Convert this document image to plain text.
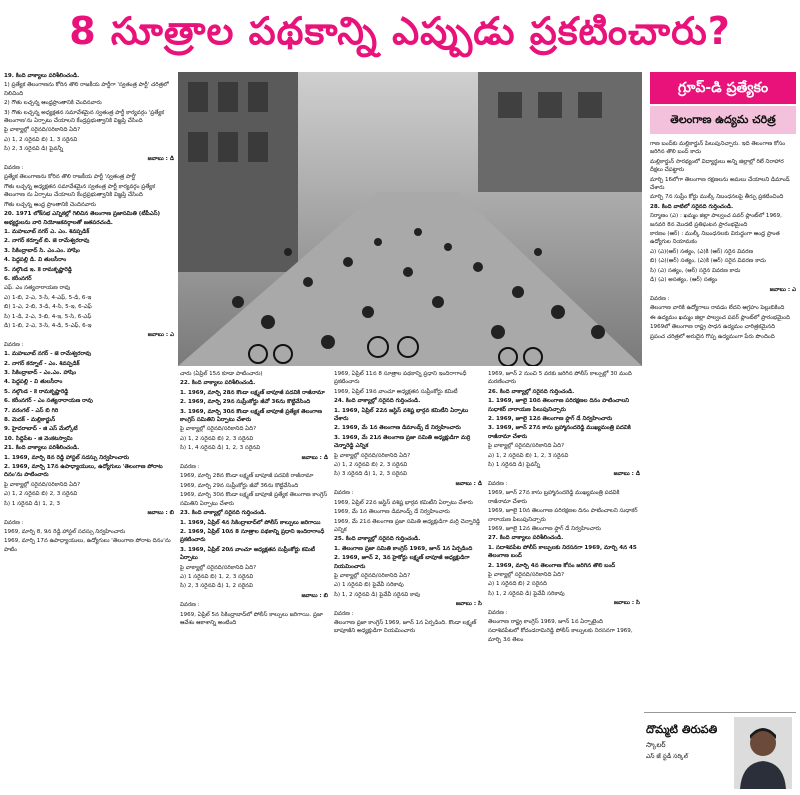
8 సూత్రాల పథకాన్ని ఎప్పుడు ప్రకటించారు?

19. కింది వాక్యాలు పరిశీలించండి.

1) ప్రత్యేక తెలంగాణను కోరిన తొలి రాజకీయ పార్టీగా 'స్వతంత్ర పార్టీ' చరిత్రలో నిలిచింది

2) గౌతు లచ్చన్న ఆంధ్రప్రాంతానికి చెందినవారు

3) గౌతు లచ్చన్న అధ్యక్షతన సమావేశమైన స్వతంత్ర పార్టీ కార్యవర్గం 'ప్రత్యేక తెలంగాణ'ను ఏర్పాటు చేయాలని కేంద్రప్రభుత్వానికి విజ్ఞప్తి చేసింది

పై వాక్యాల్లో సరైనది/సరికానిది ఏది?

ఎ) 1, 2 సరైనవి బి) 1, 3 సరైనవి

సి) 2, 3 సరైనవి డి) పైవన్నీ

జవాబు : డి

వివరణ :

ప్రత్యేక తెలంగాణను కోరిన తొలి రాజకీయ పార్టీ 'స్వతంత్ర పార్టీ'

గౌతు లచ్చన్న అధ్యక్షతన సమావేశమైన స్వతంత్ర పార్టీ కార్యవర్గం ప్రత్యేక తెలంగాణ ను ఏర్పాటు చేయాలని కేంద్రప్రభుత్వానికి విజ్ఞప్తి చేసింది

గౌతు లచ్చన్న ఆంధ్ర ప్రాంతానికి చెందినవారు

20. 1971 లోక్‌సభ ఎన్నికల్లో గెలిచిన తెలంగాణ ప్రజాసమితి (టీపీఎస్) అభ్యర్థులను వారి నియోజకవర్గాలతో జతపరచండి.

1. మహబూబ్ నగర్ ఎ. ఎం. శివప్పడిక్

2. నాగర్ కర్నూల్ బి. జె రామేశ్వరరావు

3. సికింద్రాబాద్ సి. ఎం.ఎం. హాషిం

4. పెద్దపల్లి డి. వి తులసీరాం

5. నల్గొండ ఇ. కె రామకృష్ణారెడ్డి

6. కరీంనగర్

ఎఫ్. ఎం సత్యనారాయణ రావు

ఎ) 1-బి, 2-ఎ, 3-సి, 4-ఎఫ్, 5-డి, 6-ఇ

బి) 1-ఎ, 2-బి, 3-డి, 4-సి, 5-ఇ, 6-ఎఫ్

సి) 1-డి, 2-ఎ, 3-బి, 4-ఇ, 5-సి, 6-ఎఫ్

డి) 1-బి, 2-ఎ, 3-సి, 4-డి, 5-ఎఫ్, 6-ఇ

జవాబు : ఎ

వివరణ :

1. మహబూబ్ నగర్ - జె రామేశ్వరరావు

2. నాగర్ కర్నూల్ - ఎం. శివప్పడిక్

3. సికింద్రాబాద్ - ఎం.ఎం. హాషిం

4. పెద్దపల్లి - వి తులసీరాం

5. నల్గొండ - కె రామకృష్ణారెడ్డి

6. కరీంనగర్ - ఎం సత్యనారాయణ రావు

7. వరంగల్ - ఎస్ బి గిరి

8. మెదక్ - మల్లికార్జున్

9. హైదరాబాద్ - జి ఎస్ మేల్కోటే

10. సిద్దిపేట - జి వెంకటస్వామి

21. కింది వాక్యాలు పరిశీలించండి.

1. 1969, మార్చి 8న రెడ్డి హాస్టల్ సదస్సు నిర్వహించారు

2. 1969, మార్చి 17న ఉపాధ్యాయులు, ఉద్యోగులు 'తెలంగాణ పోరాట దినం'ను పాటించారు

పై వాక్యాల్లో సరైనది/సరికానిది ఏది?

ఎ) 1, 2 సరైనవి బి) 2, 3 సరైనవి

సి) 1 సరైనవి డి) 1, 2, 3

జవాబు : బి

వివరణ :

1969, మార్చి 8, 9న రెడ్డి హాస్టల్ సదస్సు నిర్వహించారు

1969, మార్చి 17న ఉపాధ్యాయులు, ఉద్యోగులు 'తెలంగాణ పోరాట దినం'ను పాటిం

చారు (ఏప్రిల్ 15న కూడా పాటించారు)

22. కింది వాక్యాలు పరిశీలించండి.

1. 1969, మార్చి 28న కొండా లక్ష్మణ్ బాపూజీ పదవికి రాజీనామా

2. 1969, మార్చి 29న సుప్రీంకోర్టు జీవో 36ను కొట్టివేసింది

3. 1969, మార్చి 30న కొండా లక్ష్మణ్ బాపూజీ ప్రత్యేక తెలంగాణ కాంగ్రెస్ సమితిని ఏర్పాటు చేశారు

పై వాక్యాల్లో సరైనది/సరికానిది ఏది?

ఎ) 1, 2 సరైనవి బి) 2, 3 సరైనవి

సి) 1, 4 సరైనవి డి) 1, 2, 3 సరైనవి

జవాబు : డి

వివరణ :

1969, మార్చి 28న కొండా లక్ష్మణ్ బాపూజీ పదవికి రాజీనామా

1969, మార్చి 29న సుప్రీంకోర్టు జీవో 36ను కొట్టివేసింది

1969, మార్చి 30న కొండా లక్ష్మణ్ బాపూజీ ప్రత్యేక తెలంగాణ కాంగ్రెస్ సమితిని ఏర్పాటు చేశారు

23. కింది వాక్యాల్లో సరైనది గుర్తించండి.

1. 1969, ఏప్రిల్ 4న సికింద్రాబాద్‌లో పోలీస్ కాల్పులు జరిగాయి

2. 1969, ఏప్రిల్ 10న 8 సూత్రాల పథకాన్ని ప్రధాని ఇందిరాగాంధీ ప్రకటించారు

3. 1969, ఏప్రిల్ 20న వాంచూ అధ్యక్షతన సుప్రీంకోర్టు కమిటీ ఏర్పాటు

పై వాక్యాల్లో సరైనది/సరికానిది ఏది?

ఎ) 1 సరైనవి బి) 1, 2, 3 సరైనవి

సి) 2, 3 సరైనవి డి) 1, 2 సరైనవి

జవాబు : బి

వివరణ :

1969, ఏప్రిల్ 5న సికింద్రాబాద్‌లో పోలీస్ కాల్పులు జరిగాయి. ప్రజా ఆవేశం ఆకాశాన్ని అంటింది

1969, ఏప్రిల్ 11న 8 సూత్రాల పథకాన్ని ప్రధాని ఇందిరాగాంధీ ప్రకటించారు

1969, ఏప్రిల్ 19న వాంచూ అధ్యక్షతన సుప్రీంకోర్టు కమిటీ

24. కింది వాక్యాల్లో సరైనది గుర్తించండి.

1. 1969, ఏప్రిల్ 22న జస్టిస్ వశిష్ట భార్గవ కమిటీని ఏర్పాటు చేశారు

2. 1969, మే 1న తెలంగాణ డిమాండ్స్ డే నిర్వహించారు

3. 1969, మే 21న తెలంగాణ ప్రజా సమితి అధ్యక్షుడిగా మర్రి చెన్నారెడ్డి ఎన్నిక

పై వాక్యాల్లో సరైనది/సరికానిది ఏది?

ఎ) 1, 2 సరైనవి బి) 2, 3 సరైనవి

సి) 3 సరైనది డి) 1, 2, 3 సరైనవి

జవాబు : డి

వివరణ :

1969, ఏప్రిల్ 22న జస్టిస్ వశిష్ట భార్గవ కమిటీని ఏర్పాటు చేశారు

1969, మే 1న తెలంగాణ డిమాండ్స్ డే నిర్వహించారు

1969, మే 21న తెలంగాణ ప్రజా సమితి అధ్యక్షుడిగా మర్రి చెన్నారెడ్డి ఎన్నిక

25. కింది వాక్యాల్లో సరైనది గుర్తించండి.

1. తెలంగాణ ప్రజా సమితి కాంగ్రెస్ 1969, జూన్ 1న ఏర్పడింది

2. 1969, జూన్ 2, 3న హైకోర్టు లక్ష్మణ్ బాపూజీ అధ్యక్షుడిగా నియమించారు

పై వాక్యాల్లో సరైనది/సరికానిది ఏది?

ఎ) 1 సరైనవి బి) పైవేవీ సరికావు

సి) 1, 2 సరైనవి డి) పైవేవీ సరైనవి కావు

జవాబు : సి

వివరణ :

తెలంగాణ ప్రజా కాంగ్రెస్ 1969, జూన్ 1న ఏర్పడింది. కొండా లక్ష్మణ్ బాపూజీని అధ్యక్షుడిగా నియమించారు

1969, జూన్ 2 నుంచి 5 వరకు జరిగిన పోలీస్ కాల్పుల్లో 30 మంది మరణించారు

26. కింది వాక్యాల్లో సరైనది గుర్తించండి.

1. 1969, జూలై 10న తెలంగాణ పరిరక్షణల దినం పాటించాలని సుధాకర్ నారాయణ పిలుపునిచ్చారు

2. 1969, జూలై 12న తెలంగాణ ఫ్లాగ్ డే నిర్వహించారు

3. 1969, జూన్ 27న కాసు బ్రహ్మానందరెడ్డి ముఖ్యమంత్రి పదవికి రాజీనామా చేశారు

పై వాక్యాల్లో సరైనది/సరికానిది ఏది?

ఎ) 1, 2 సరైనవి బి) 1, 2, 3 సరైనవి

సి) 1 సరైనది డి) పైవన్నీ

జవాబు : డి

వివరణ :

1969, జూన్ 27న కాసు బ్రహ్మానందరెడ్డి ముఖ్యమంత్రి పదవికి రాజీనామా చేశారు

1969, జూలై 10న తెలంగాణ పరిరక్షణల దినం పాటించాలని సుధాకర్ నారాయణ పిలుపునిచ్చారు

1969, జూలై 12న తెలంగాణ ఫ్లాగ్ డే నిర్వహించారు

27. కింది వాక్యాలు పరిశీలించండి.

1. సదాశివపేట పోలీస్ కాల్పులకు నిరసనగా 1969, మార్చి 4న 45 తెలంగాణ బంద్

2. 1969, మార్చి 4న తెలంగాణ కోసం జరిగిన తొలి బంద్

పై వాక్యాల్లో సరైనది/సరికానిది ఏది?

ఎ) 1 సరైనది బి) 2 సరైనది

సి) 1, 2 సరైనవి డి) పైవేవీ సరికావు

జవాబు : సి

వివరణ :

తెలంగాణ రాష్ట్ర కాంగ్రెస్ 1969, జూన్ 1న ఏర్పాటైంది

సదాశివపేటలో కోదండరామిరెడ్డి పోలీస్ కాల్పులకు నిరసనగా 1969, మార్చి 3న తెలం

గ్రూప్-డి ప్రత్యేకం
తెలంగాణ ఉద్యమ చరిత్ర

గాణ బంద్‌కు మల్లికార్జున్ పిలుపునిచ్చారు. ఇది తెలంగాణ కోసం జరిగిన తొలి బంద్ కాదు

మల్లికార్జున్ సారథ్యంలో విద్యార్థులు అన్ని జిల్లాల్లో రిలే నిరాహార దీక్షలు చేపట్టారు

మార్చి 16లోగా తెలంగాణ రక్షణలను అమలు చేయాలని డిమాండ్ చేశారు

మార్చి 7న సుప్రీం కోర్టు ముల్కీ నిబంధనలపై తీర్పు ప్రకటించింది

28. కింది వాటిలో సరైనది గుర్తించండి.

నిర్మాణం (ఎ) : ఖమ్మం జిల్లా పాల్వంచ పవర్ ప్లాంట్‌లో 1969, జనవరి 8న మొదటి ప్రతిఘటన ప్రారంభమైంది

కారణం (ఆర్) : ముల్కీ నిబంధనలకు విరుద్ధంగా ఆంధ్ర ప్రాంత ఉద్యోగుల నియామకం

ఎ) (ఎ)(ఆర్) సత్యం, (ఎ)కి (ఆర్) సరైన వివరణ

బి) (ఎ)(ఆర్) సత్యం, (ఎ)కి (ఆర్) సరైన వివరణ కాదు

సి) (ఎ) సత్యం, (ఆర్) సరైన వివరణ కాదు

డి) (ఎ) అసత్యం, (ఆర్) సత్యం

జవాబు : ఎ

వివరణ :

తెలంగాణ వారికి ఉద్యోగాలు రావడం లేదని ఆగ్రహం పెల్లుబికింది

ఈ ఉద్యమం ఖమ్మం జిల్లా పాల్వంచ పవర్ ప్లాంట్‌లో ప్రారంభమైంది

1969లో తెలంగాణ రాష్ట్ర సాధన ఉద్యమం చారిత్రకమైనది

ప్రపంచ చరిత్రలో అరుదైన గొప్ప ఉద్యమంగా పేరు పొందింది

దొమ్మటి తిరుపతి
స్కాలర్
ఎస్‌ జే స్టడీ సర్కిల్
